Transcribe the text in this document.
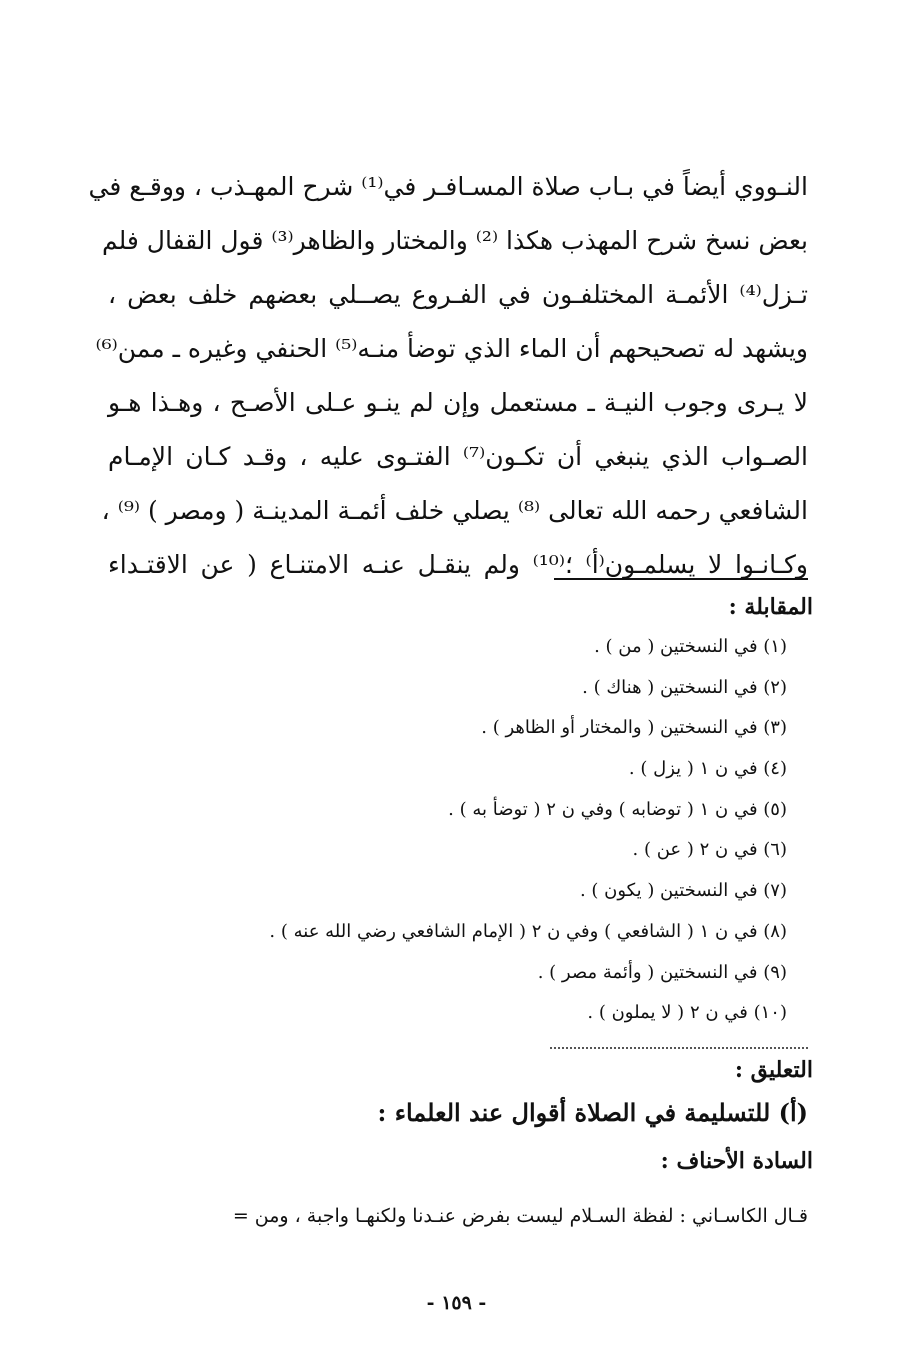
النـووي أيضاً في بـاب صلاة المسـافـر في⁽¹⁾ شرح المهـذب ، ووقـع في
بعض نسخ شرح المهذب هكذا ⁽²⁾ والمختار والظاهر⁽³⁾ قول القفال فلم
تـزل⁽⁴⁾ الأئمـة المختلفـون في الفـروع يصــلي بعضهم خلف بعض ،
ويشهد له تصحيحهم أن الماء الذي توضأ منـه⁽⁵⁾ الحنفي وغيره ـ ممن⁽⁶⁾
لا يـرى وجوب النيـة ـ مستعمل وإن لم ينـو عـلى الأصـح ، وهـذا هـو
الصـواب الذي ينبغي أن تكـون⁽⁷⁾ الفتـوى عليه ، وقـد كـان الإمـام
الشافعي رحمه الله تعالى ⁽⁸⁾ يصلي خلف أئمـة المدينـة ( ومصر ) ⁽⁹⁾ ،
وكـانـوا لا يسلمـون⁽أ⁾ ؛⁽¹⁰⁾ ولم ينقـل عنـه الامتنـاع ( عن الاقتـداء
المقابلة :
(١) في النسختين ( من ) .
(٢) في النسختين ( هناك ) .
(٣) في النسختين ( والمختار أو الظاهر ) .
(٤) في ن ١ ( يزل ) .
(٥) في ن ١ ( توضابه ) وفي ن ٢ ( توضأ به ) .
(٦) في ن ٢ ( عن ) .
(٧) في النسختين ( يكون ) .
(٨) في ن ١ ( الشافعي ) وفي ن ٢ ( الإمام الشافعي رضي الله عنه ) .
(٩) في النسختين ( وأئمة مصر ) .
(١٠) في ن ٢ ( لا يملون ) .
التعليق :
(أ) للتسليمة في الصلاة أقوال عند العلماء :
السادة الأحناف :
قـال الكاسـاني : لفظة السـلام ليست بفرض عنـدنا ولكنهـا واجبة ، ومن =
- ١٥٩ -
